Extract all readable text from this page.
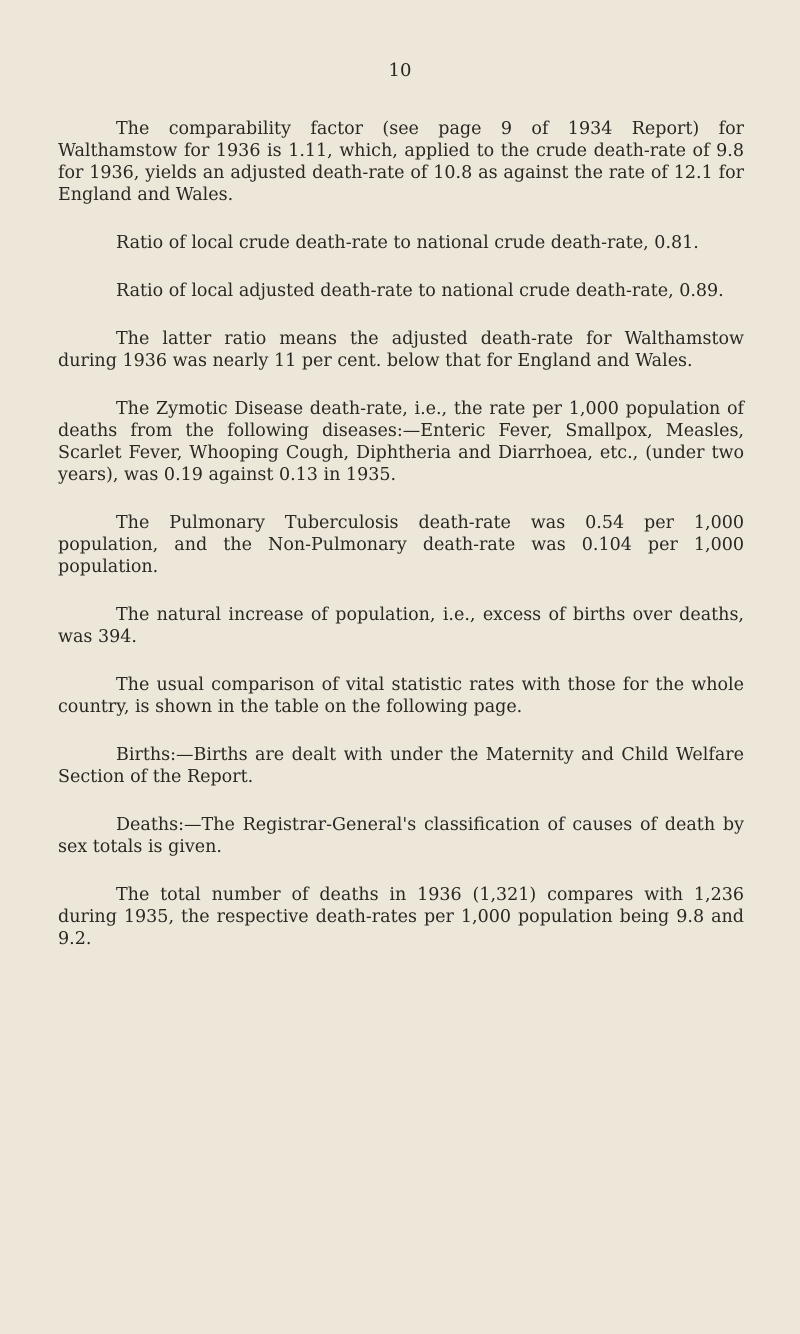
10

The comparability factor (see page 9 of 1934 Report) for Walthamstow for 1936 is 1.11, which, applied to the crude death-rate of 9.8 for 1936, yields an adjusted death-rate of 10.8 as against the rate of 12.1 for England and Wales.

Ratio of local crude death-rate to national crude death-rate, 0.81.

Ratio of local adjusted death-rate to national crude death-rate, 0.89.

The latter ratio means the adjusted death-rate for Walthamstow during 1936 was nearly 11 per cent. below that for England and Wales.

The Zymotic Disease death-rate, i.e., the rate per 1,000 population of deaths from the following diseases:—Enteric Fever, Smallpox, Measles, Scarlet Fever, Whooping Cough, Diphtheria and Diarrhoea, etc., (under two years), was 0.19 against 0.13 in 1935.

The Pulmonary Tuberculosis death-rate was 0.54 per 1,000 population, and the Non-Pulmonary death-rate was 0.104 per 1,000 population.

The natural increase of population, i.e., excess of births over deaths, was 394.

The usual comparison of vital statistic rates with those for the whole country, is shown in the table on the following page.

Births:—Births are dealt with under the Maternity and Child Welfare Section of the Report.

Deaths:—The Registrar-General's classification of causes of death by sex totals is given.

The total number of deaths in 1936 (1,321) compares with 1,236 during 1935, the respective death-rates per 1,000 population being 9.8 and 9.2.
